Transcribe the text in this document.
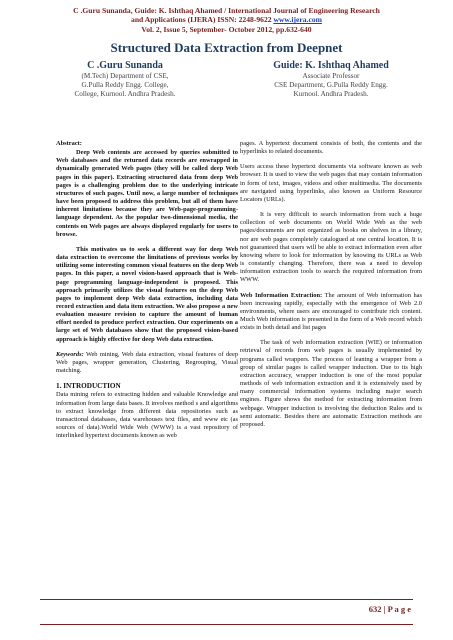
C .Guru Sunanda, Guide: K. Ishthaq Ahamed / International Journal of Engineering Research
and Applications (IJERA) ISSN: 2248-9622 www.ijera.com
Vol. 2, Issue 5, September- October 2012, pp.632-640
Structured Data Extraction from Deepnet
C .Guru Sunanda
(M.Tech) Department of CSE,
G.Pulla Reddy Engg. College,
College, Kurnool. Andhra Pradesh.
Guide: K. Ishthaq Ahamed
Associate Professor
CSE Department, G.Pulla Reddy Engg.
Kurnool. Andhra Pradesh.
Abstract:

Deep Web contents are accessed by queries submitted to Web databases and the returned data records are enwrapped in dynamically generated Web pages (they will be called deep Web pages in this paper). Extracting structured data from deep Web pages is a challenging problem due to the underlying intricate structures of such pages. Until now, a large number of techniques have been proposed to address this problem, but all of them have inherent limitations because they are Web-page-programming-language dependent. As the popular two-dimensional media, the contents on Web pages are always displayed regularly for users to browse.

This motivates us to seek a different way for deep Web data extraction to overcome the limitations of previous works by utilizing some interesting common visual features on the deep Web pages. In this paper, a novel vision-based approach that is Web-page programming language-independent is proposed. This approach primarily utilizes the visual features on the deep Web pages to implement deep Web data extraction, including data record extraction and data item extraction. We also propose a new evaluation measure revision to capture the amount of human effort needed to produce perfect extraction. Our experiments on a large set of Web databases show that the proposed vision-based approach is highly effective for deep Web data extraction.

Keywords: Web mining, Web data extraction, visual features of deep Web pages, wrapper generation, Clustering, Regrouping, Visual matching.

1. INTRODUCTION

Data mining refers to extracting hidden and valuable Knowledge and information from large data bases. It involves method s and algorithms to extract knowledge from different data repositories such as transactional databases, data warehouses text files, and www etc (as sources of data).World Wide Web (WWW) is a vast repository of interlinked hypertext documents known as web

pages. A hypertext document consists of both, the contents and the hyperlinks to related documents.

Users access these hypertext documents via software known as web browser. It is used to view the web pages that may contain information in form of text, images, videos and other multimedia. The documents are navigated using hyperlinks, also known as Uniform Resource Locators (URLs).

It is very difficult to search information from such a huge collection of web documents on World Wide Web as the web pages/documents are not organized as books on shelves in a library, nor are web pages completely catalogued at one central location. It is not guaranteed that users will be able to extract information even after knowing where to look for information by knowing its URLs as Web is constantly changing. Therefore, there was a need to develop information extraction tools to search the required information from WWW.

Web Information Extraction: The amount of Web information has been increasing rapidly, especially with the emergence of Web 2.0 environments, where users are encouraged to contribute rich content. Much Web information is presented in the form of a Web record which exists in both detail and list pages

The task of web information extraction (WIE) or information retrieval of records from web pages is usually implemented by programs called wrappers. The process of leaning a wrapper from a group of similar pages is called wrapper induction. Due to its high extraction accuracy, wrapper induction is one of the most popular methods of web information extraction and it is extensively used by many commercial information systems including major search engines. Figure shows the method for extracting information from webpage. Wrapper induction is involving the deduction Rules and is semi automatic. Besides there are automatic Extraction methods are proposed.

632 | P a g e
